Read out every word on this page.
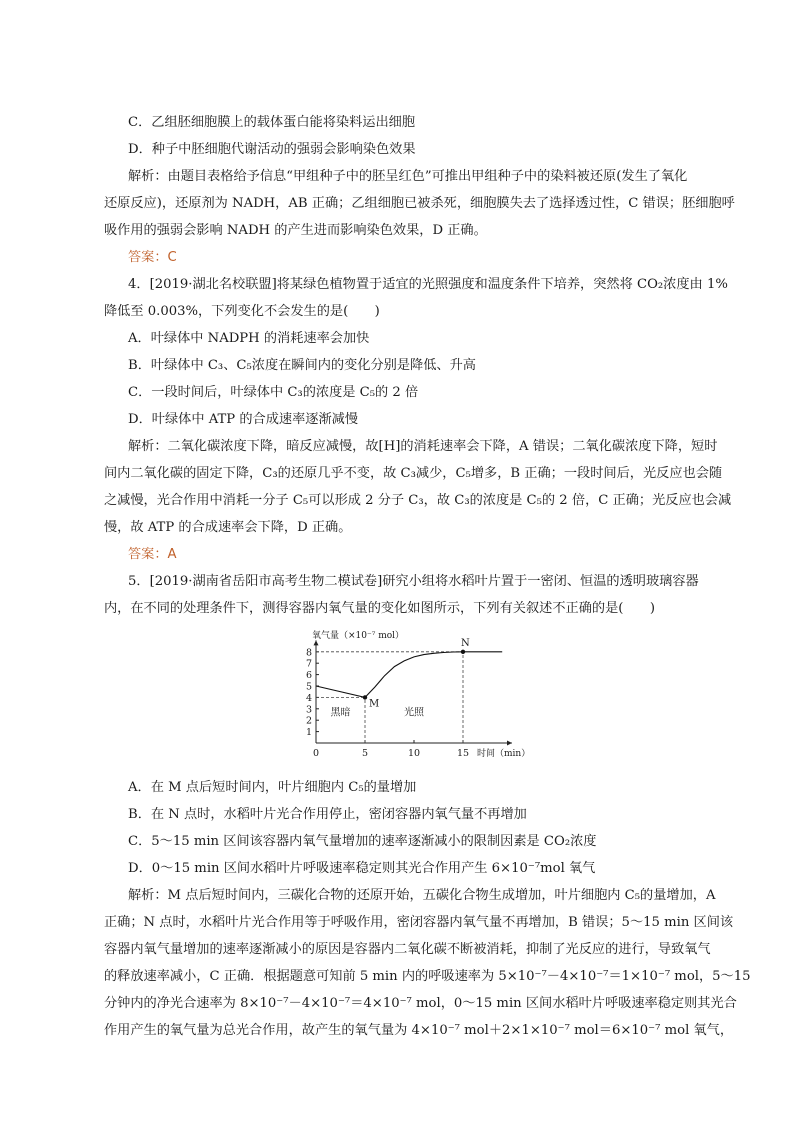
C．乙组胚细胞膜上的载体蛋白能将染料运出细胞
D．种子中胚细胞代谢活动的强弱会影响染色效果
解析：由题目表格给予信息“甲组种子中的胚呈红色”可推出甲组种子中的染料被还原(发生了氧化
还原反应)，还原剂为 NADH，AB 正确；乙组细胞已被杀死，细胞膜失去了选择透过性，C 错误；胚细胞呼
吸作用的强弱会影响 NADH 的产生进而影响染色效果，D 正确。
答案：C
4．[2019·湖北名校联盟]将某绿色植物置于适宜的光照强度和温度条件下培养，突然将 CO₂浓度由 1%
降低至 0.003%，下列变化不会发生的是(　　)
A．叶绿体中 NADPH 的消耗速率会加快
B．叶绿体中 C₃、C₅浓度在瞬间内的变化分别是降低、升高
C．一段时间后，叶绿体中 C₃的浓度是 C₅的 2 倍
D．叶绿体中 ATP 的合成速率逐渐减慢
解析：二氧化碳浓度下降，暗反应减慢，故[H]的消耗速率会下降，A 错误；二氧化碳浓度下降，短时
间内二氧化碳的固定下降，C₃的还原几乎不变，故 C₃减少，C₅增多，B 正确；一段时间后，光反应也会随
之减慢，光合作用中消耗一分子 C₅可以形成 2 分子 C₃，故 C₃的浓度是 C₅的 2 倍，C 正确；光反应也会减
慢，故 ATP 的合成速率会下降，D 正确。
答案：A
5．[2019·湖南省岳阳市高考生物二模试卷]研究小组将水稻叶片置于一密闭、恒温的透明玻璃容器
内，在不同的处理条件下，测得容器内氧气量的变化如图所示，下列有关叙述不正确的是(　　)
1
2
3
4
5
6
7
8
0	5	10	15
M
N
黑暗	光照
氧气量（×10⁻⁷ mol）
时间（min）
A．在 M 点后短时间内，叶片细胞内 C₅的量增加
B．在 N 点时，水稻叶片光合作用停止，密闭容器内氧气量不再增加
C．5～15 min 区间该容器内氧气量增加的速率逐渐减小的限制因素是 CO₂浓度
D．0～15 min 区间水稻叶片呼吸速率稳定则其光合作用产生 6×10⁻⁷mol 氧气
解析：M 点后短时间内，三碳化合物的还原开始，五碳化合物生成增加，叶片细胞内 C₅的量增加，A
正确；N 点时，水稻叶片光合作用等于呼吸作用，密闭容器内氧气量不再增加，B 错误；5～15 min 区间该
容器内氧气量增加的速率逐渐减小的原因是容器内二氧化碳不断被消耗，抑制了光反应的进行，导致氧气
的释放速率减小，C 正确．根据题意可知前 5 min 内的呼吸速率为 5×10⁻⁷－4×10⁻⁷＝1×10⁻⁷ mol，5～15
分钟内的净光合速率为 8×10⁻⁷－4×10⁻⁷＝4×10⁻⁷ mol，0～15 min 区间水稻叶片呼吸速率稳定则其光合
作用产生的氧气量为总光合作用，故产生的氧气量为 4×10⁻⁷ mol＋2×1×10⁻⁷ mol＝6×10⁻⁷ mol 氧气，
